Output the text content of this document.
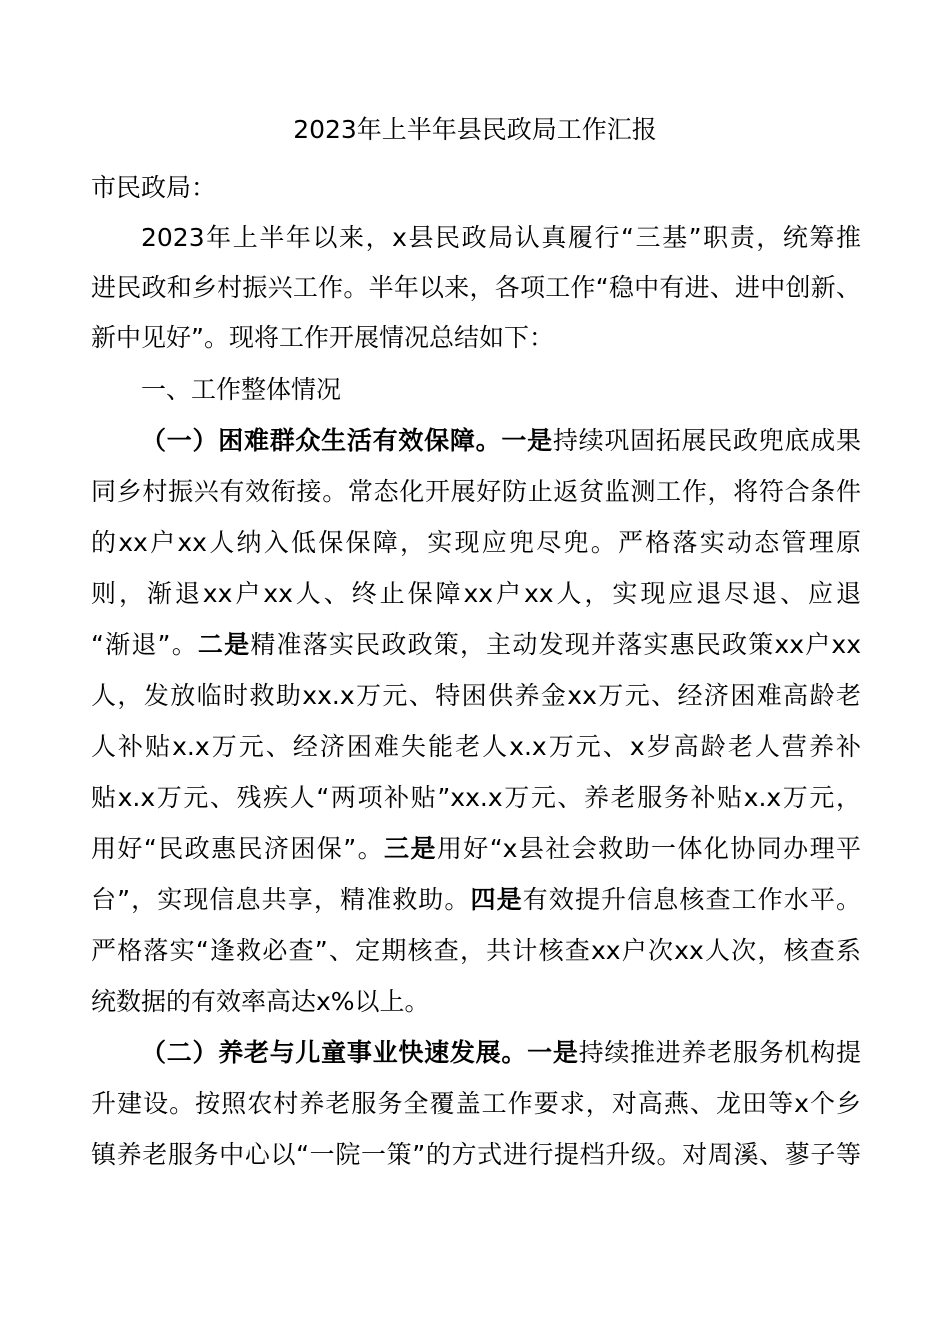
2023年上半年县民政局工作汇报
市民政局：
2023年上半年以来，x县民政局认真履行“三基”职责，统筹推
进民政和乡村振兴工作。半年以来，各项工作“稳中有进、进中创新、
新中见好”。现将工作开展情况总结如下：
一、工作整体情况
（一）困难群众生活有效保障。一是持续巩固拓展民政兜底成果
同乡村振兴有效衔接。常态化开展好防止返贫监测工作，将符合条件
的xx户xx人纳入低保保障，实现应兜尽兜。严格落实动态管理原
则，渐退xx户xx人、终止保障xx户xx人，实现应退尽退、应退
“渐退”。二是精准落实民政政策，主动发现并落实惠民政策xx户xx
人，发放临时救助xx.x万元、特困供养金xx万元、经济困难高龄老
人补贴x.x万元、经济困难失能老人x.x万元、x岁高龄老人营养补
贴x.x万元、残疾人“两项补贴”xx.x万元、养老服务补贴x.x万元，
用好“民政惠民济困保”。三是用好“x县社会救助一体化协同办理平
台”，实现信息共享，精准救助。四是有效提升信息核查工作水平。
严格落实“逢救必查”、定期核查，共计核查xx户次xx人次，核查系
统数据的有效率高达x%以上。
（二）养老与儿童事业快速发展。一是持续推进养老服务机构提
升建设。按照农村养老服务全覆盖工作要求，对高燕、龙田等x个乡
镇养老服务中心以“一院一策”的方式进行提档升级。对周溪、蓼子等
